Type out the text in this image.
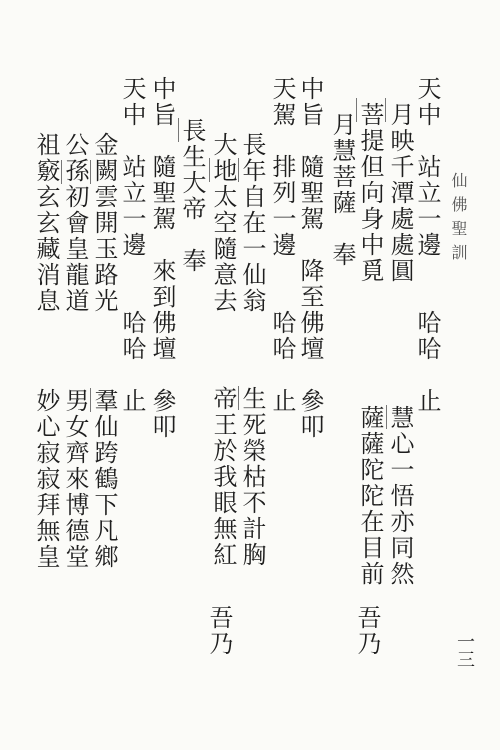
仙佛聖訓
一三
天中　站立一邊　　哈哈　止
　月映千潭處處圓
　菩提但向身中覓
月慧菩薩　奉
中旨　隨聖駕　降至佛壇　參叩
天駕　排列一邊　　哈哈　止
　長年自在一仙翁
　大地太空隨意去
長生大帝　奉
中旨　隨聖駕　來到佛壇　參叩
天中　站立一邊　　哈哈　止
　金闕雲開玉路光
　公孫初會皇龍道
　祖竅玄玄藏消息
慧心一悟亦同然
薩薩陀陀在目前
生死榮枯不計胸
帝王於我眼無紅
羣仙跨鶴下凡鄉
男女齊來博德堂
妙心寂寂拜無皇
吾乃
吾乃
